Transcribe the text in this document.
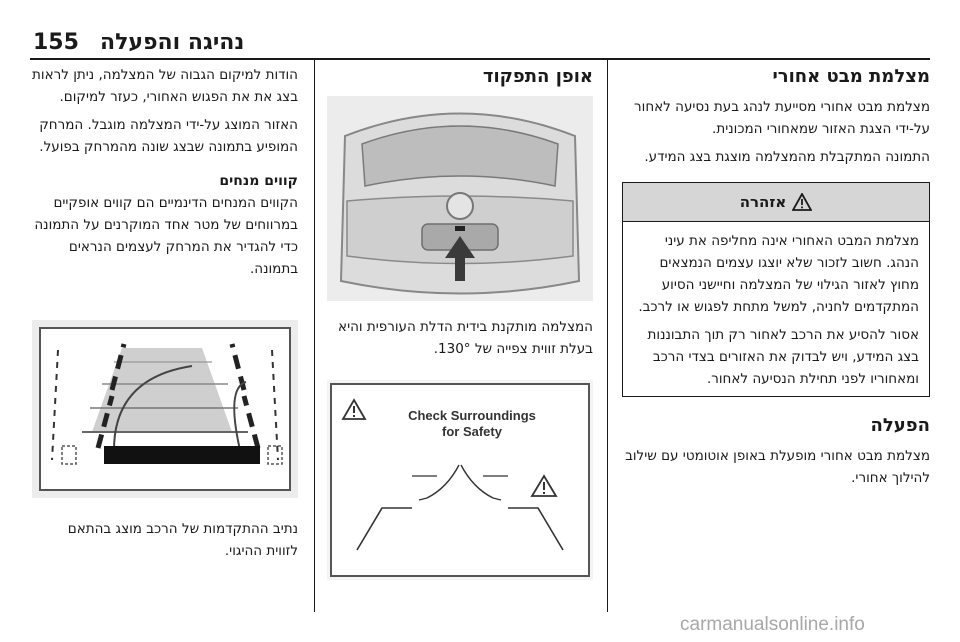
155 נהיגה והפעלה
מצלמת מבט אחורי

מצלמת מבט אחורי מסייעת לנהג בעת נסיעה לאחור על-ידי הצגת האזור שמאחורי המכונית.

התמונה המתקבלת מהמצלמה מוצגת בצג המידע.

אזהרה

מצלמת המבט האחורי אינה מחליפה את עיני הנהג. חשוב לזכור שלא יוצגו עצמים הנמצאים מחוץ לאזור הגילוי של המצלמה וחיישני הסיוע המתקדמים לחניה, למשל מתחת לפגוש או לרכב.

אסור להסיע את הרכב לאחור רק תוך התבוננות בצג המידע, ויש לבדוק את האזורים בצדי הרכב ומאחוריו לפני תחילת הנסיעה לאחור.

הפעלה

מצלמת מבט אחורי מופעלת באופן אוטומטי עם שילוב להילוך אחורי.

אופן התפקוד

המצלמה מותקנת בידית הדלת העורפית והיא בעלת זווית צפייה של 130°.

Check Surroundings
for Safety

הודות למיקום הגבוה של המצלמה, ניתן לראות בצג את את הפגוש האחורי, כעזר למיקום.

האזור המוצג על-ידי המצלמה מוגבל. המרחק המופיע בתמונה שבצג שונה מהמרחק בפועל.

קווים מנחים

הקווים המנחים הדינמיים הם קווים אופקיים במרווחים של מטר אחד המוקרנים על התמונה כדי להגדיר את המרחק לעצמים הנראים בתמונה.

נתיב ההתקדמות של הרכב מוצג בהתאם לזווית ההיגוי.

carmanualsonline.info
